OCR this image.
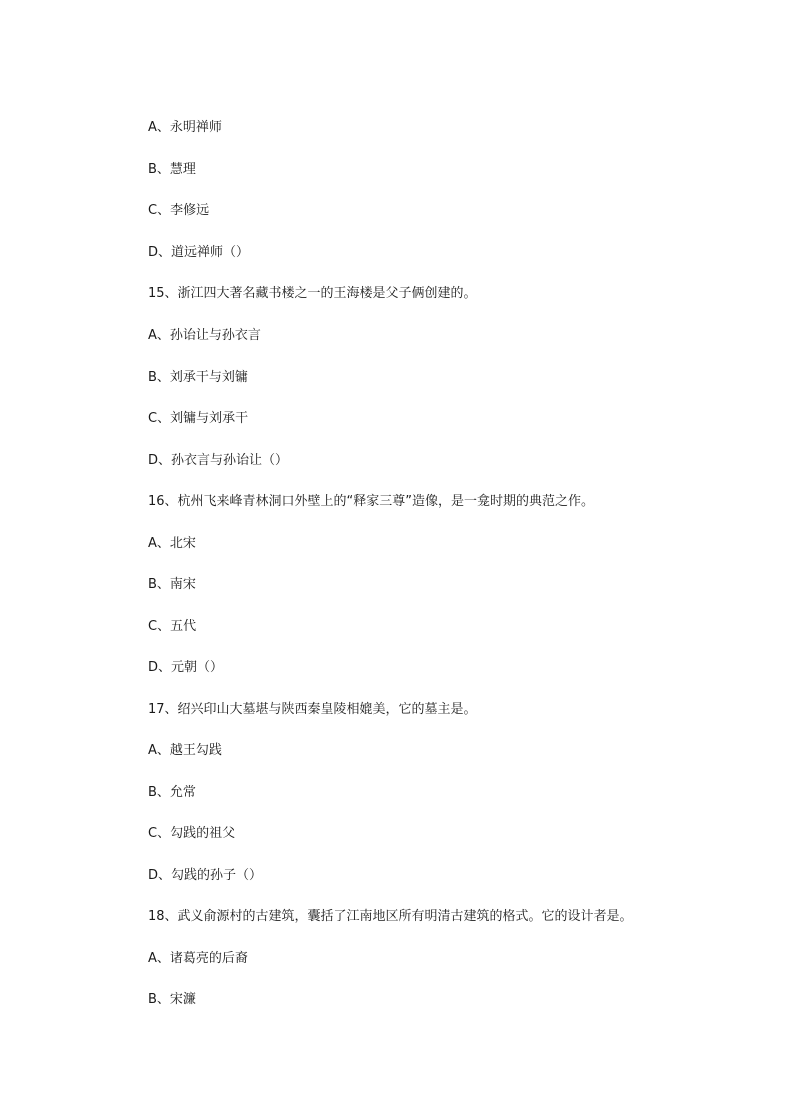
A、永明禅师
B、慧理
C、李修远
D、道远禅师（）
15、浙江四大著名藏书楼之一的王海楼是父子俩创建的。
A、孙诒让与孙衣言
B、刘承干与刘镛
C、刘镛与刘承干
D、孙衣言与孙诒让（）
16、杭州飞来峰青林洞口外壁上的“释家三尊”造像，是一龛时期的典范之作。
A、北宋
B、南宋
C、五代
D、元朝（）
17、绍兴印山大墓堪与陕西秦皇陵相媲美，它的墓主是。
A、越王勾践
B、允常
C、勾践的祖父
D、勾践的孙子（）
18、武义俞源村的古建筑，囊括了江南地区所有明清古建筑的格式。它的设计者是。
A、诸葛亮的后裔
B、宋濂
